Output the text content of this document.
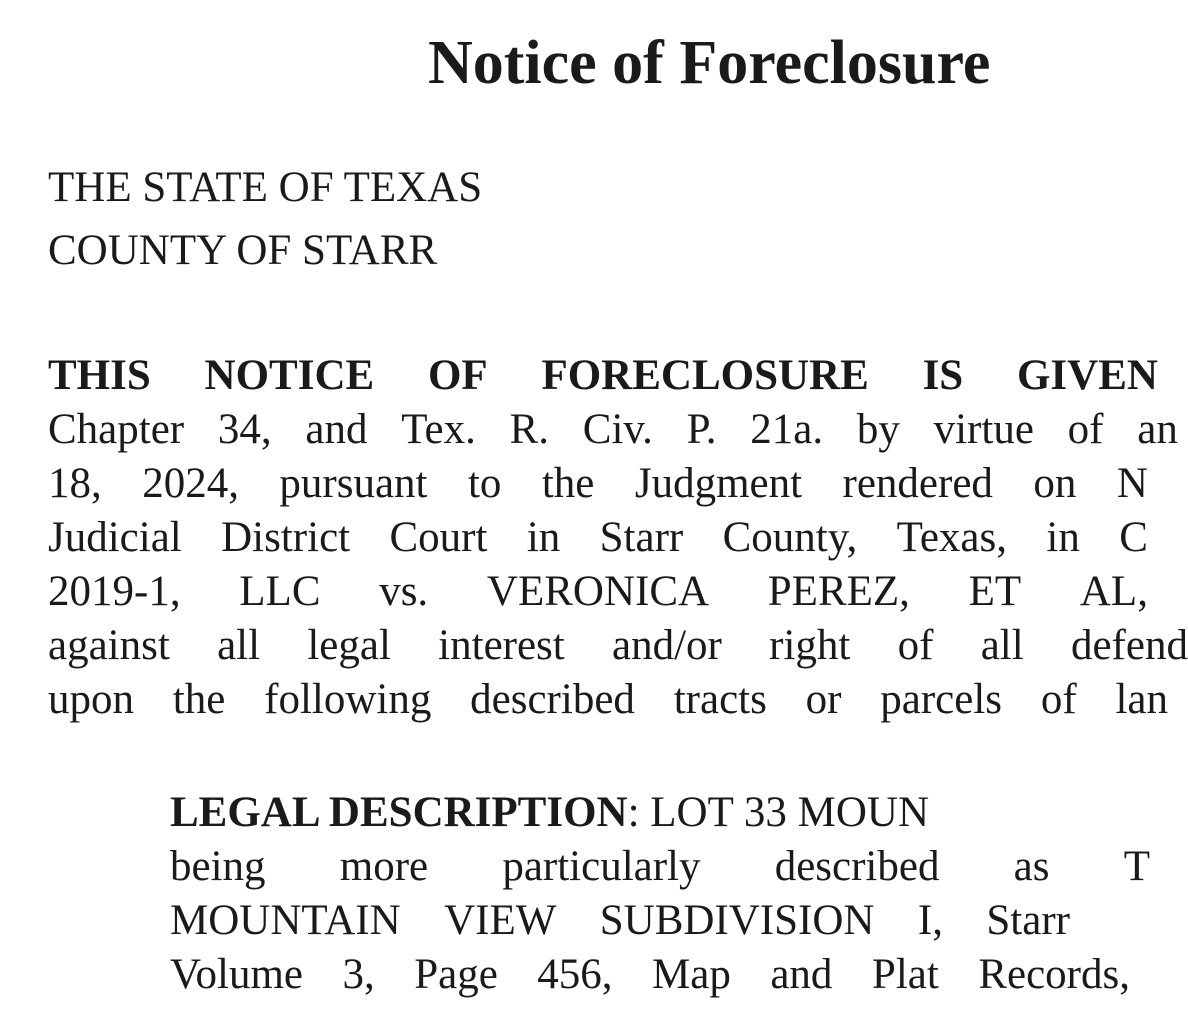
Notice of Foreclosure
THE STATE OF TEXAS
COUNTY OF STARR
THIS NOTICE OF FORECLOSURE IS GIVEN
Chapter 34, and Tex. R. Civ. P. 21a. by virtue of an
18, 2024, pursuant to the Judgment rendered on N
Judicial District Court in Starr County, Texas, in C
2019-1, LLC vs. VERONICA PEREZ, ET AL,
against all legal interest and/or right of all defend
upon the following described tracts or parcels of lan
LEGAL DESCRIPTION: LOT 33 MOUN
being more particularly described as T
MOUNTAIN VIEW SUBDIVISION I, Starr
Volume 3, Page 456, Map and Plat Records,
